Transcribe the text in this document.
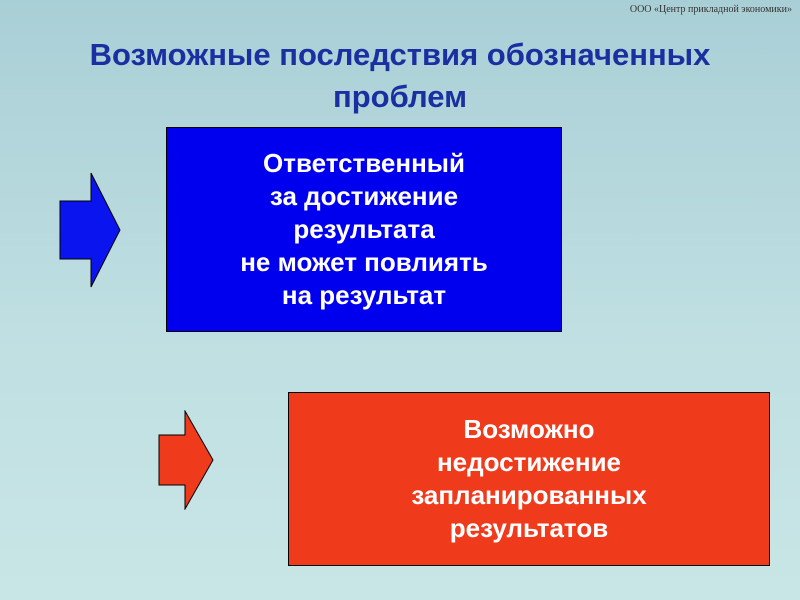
ООО «Центр прикладной экономики»
Возможные последствия обозначенных
проблем
Ответственный
за достижение
результата
не может повлиять
на результат
Возможно
недостижение
запланированных
результатов
